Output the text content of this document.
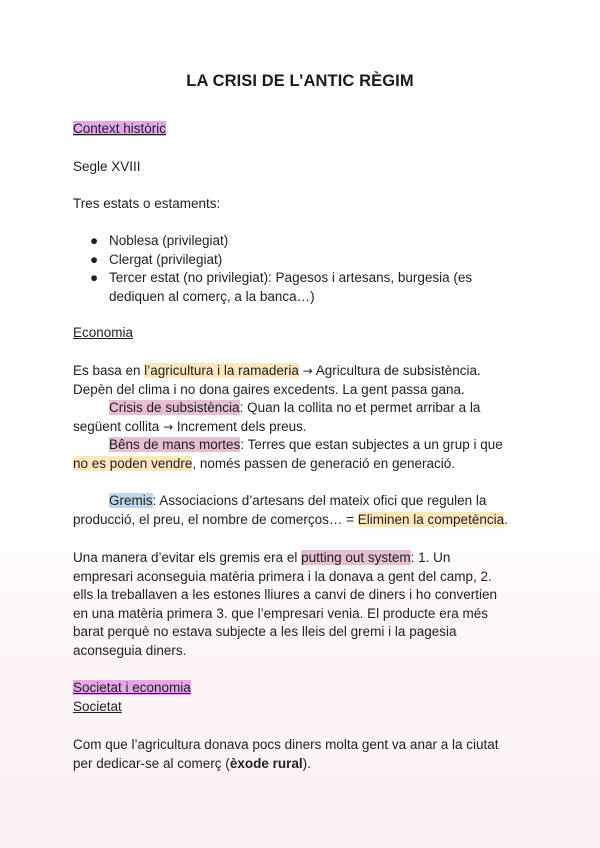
LA CRISI DE L’ANTIC RÈGIM
Context històric
Segle XVIII
Tres estats o estaments:
● Noblesa (privilegiat)
● Clergat (privilegiat)
● Tercer estat (no privilegiat): Pagesos i artesans, burgesia (es
dediquen al comerç, a la banca…)
Economia
Es basa en l’agricultura i la ramaderia → Agricultura de subsistència.
Depèn del clima i no dona gaires excedents. La gent passa gana.
Crisis de subsistència: Quan la collita no et permet arribar a la
següent collita → Increment dels preus.
Bêns de mans mortes: Terres que estan subjectes a un grup i que
no es poden vendre, només passen de generació en generació.
Gremis: Associacions d’artesans del mateix ofici que regulen la
producció, el preu, el nombre de comerços… = Eliminen la competència.
Una manera d’evitar els gremis era el putting out system: 1. Un
empresari aconseguia matèria primera i la donava a gent del camp, 2.
ells la treballaven a les estones lliures a canvi de diners i ho convertien
en una matèria primera 3. que l’empresari venia. El producte era més
barat perquè no estava subjecte a les lleis del gremi i la pagesia
aconseguia diners.
Societat i economia
Societat
Com que l’agricultura donava pocs diners molta gent va anar a la ciutat
per dedicar-se al comerç (èxode rural).
